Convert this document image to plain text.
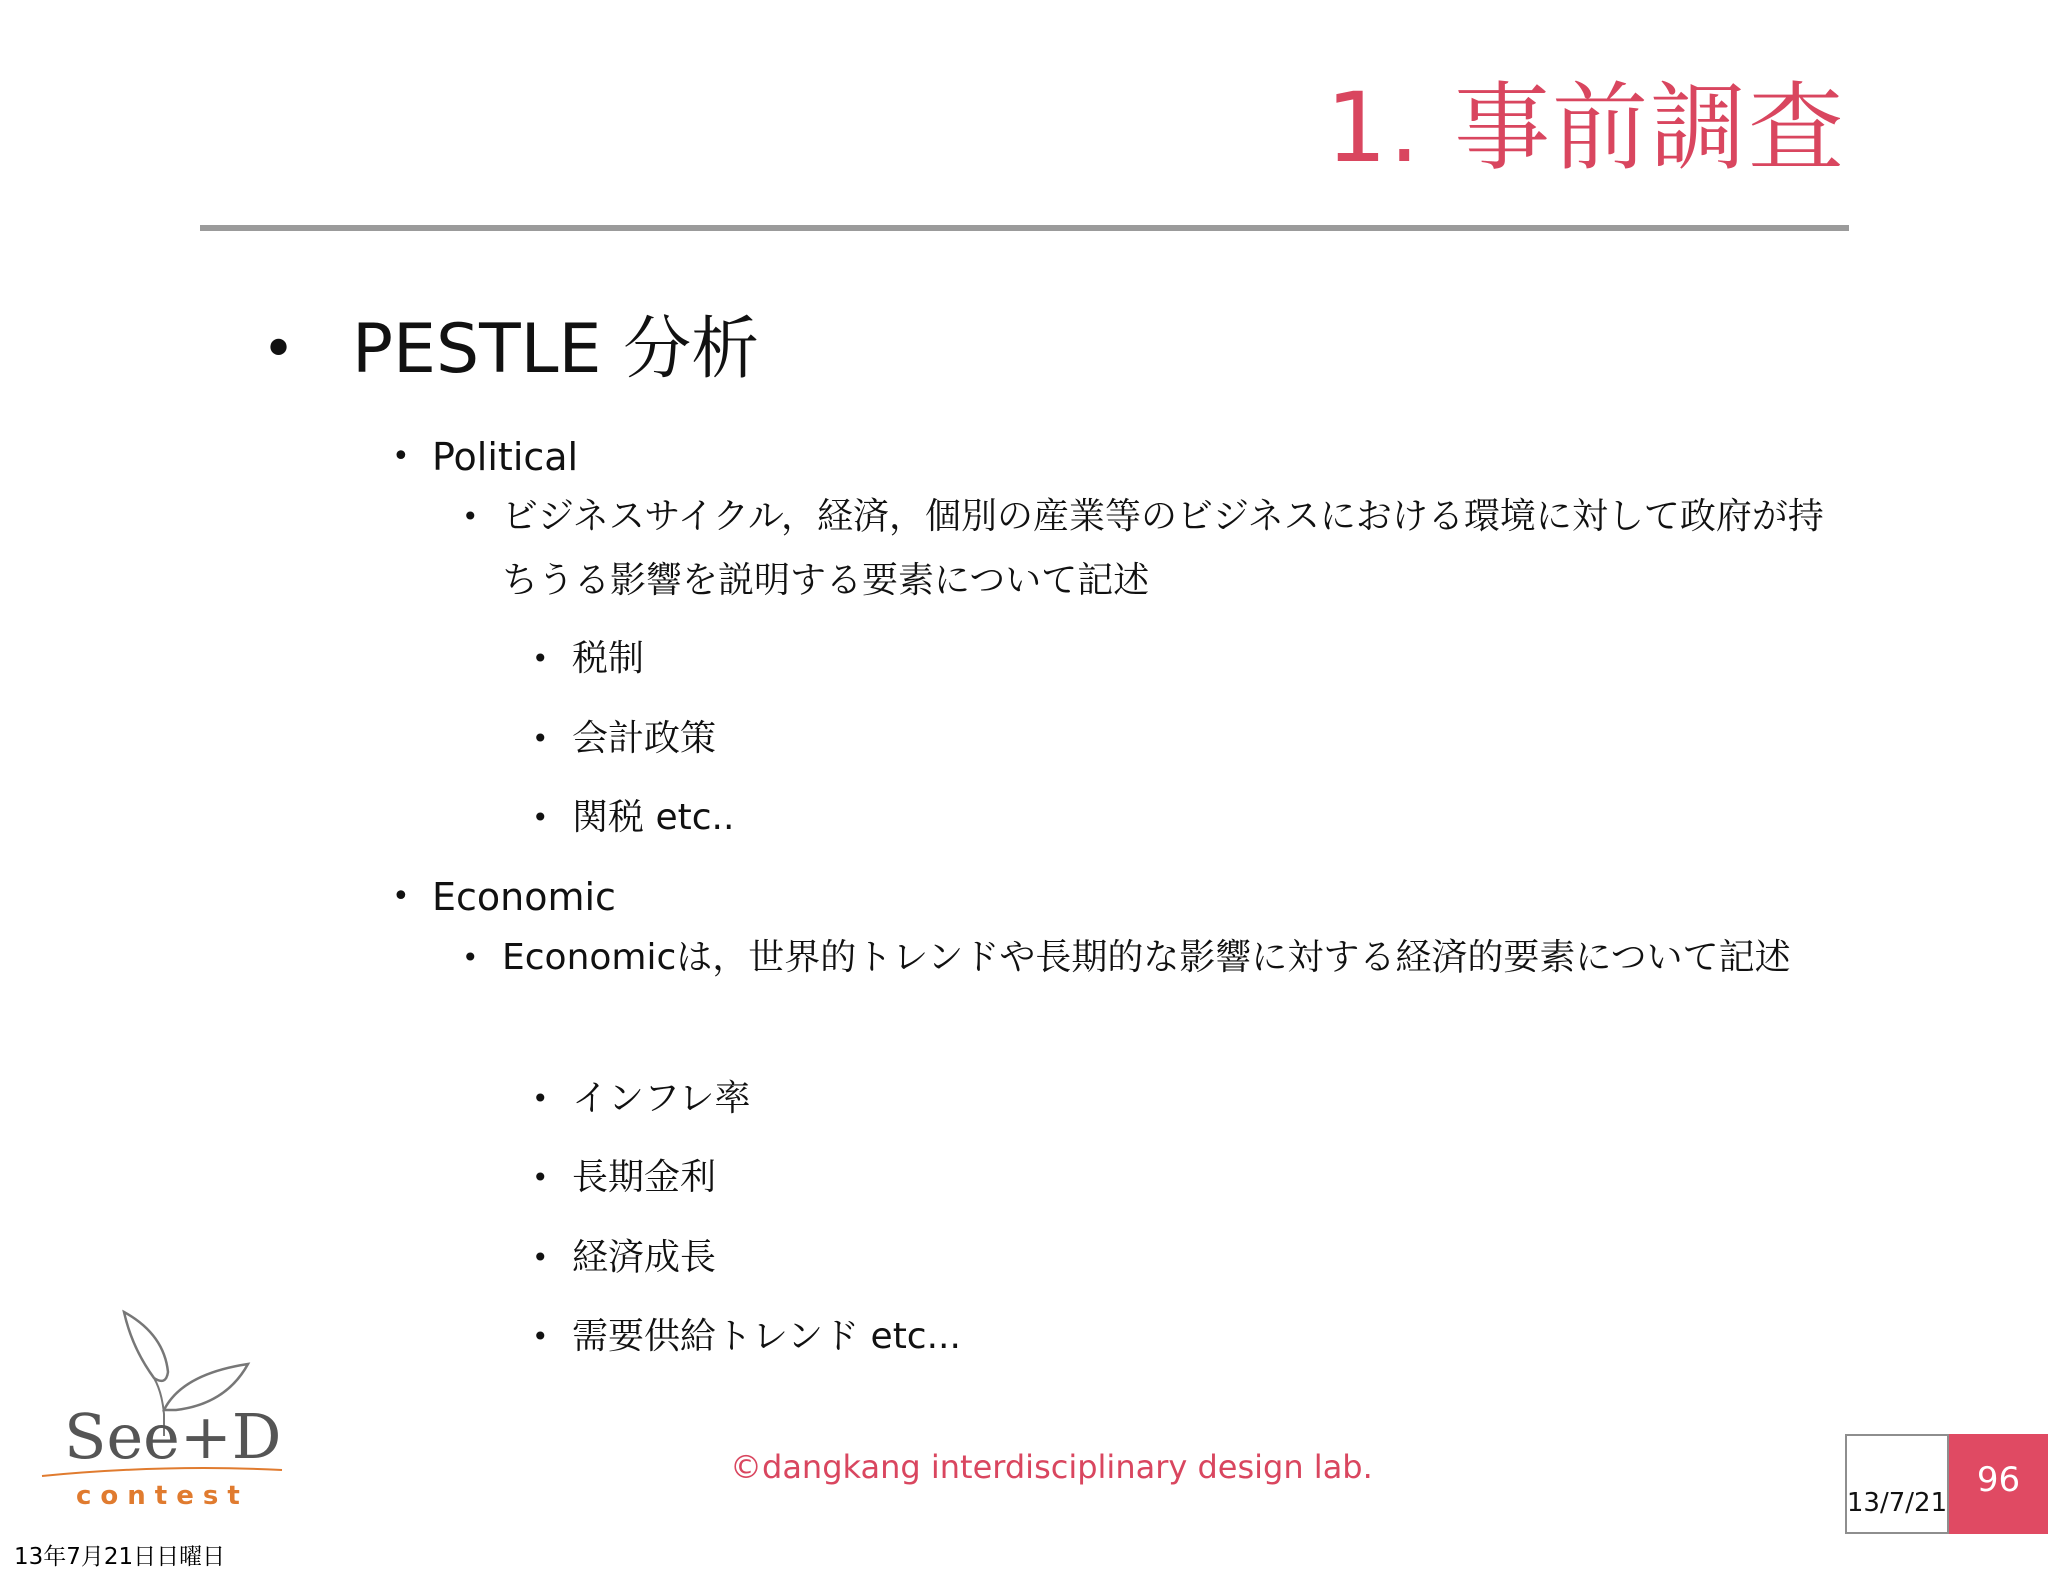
1. 事前調査
• PESTLE 分析
• Political
• ビジネスサイクル，経済，個別の産業等のビジネスにおける環境に対して政府が持ちうる影響を説明する要素について記述
• 税制
• 会計政策
• 関税 etc..
• Economic
• Economicは，世界的トレンドや長期的な影響に対する経済的要素について記述
• インフレ率
• 長期金利
• 経済成長
• 需要供給トレンド etc...
See+D
contest
©dangkang interdisciplinary design lab.
13/7/21
96
13年7月21日日曜日
